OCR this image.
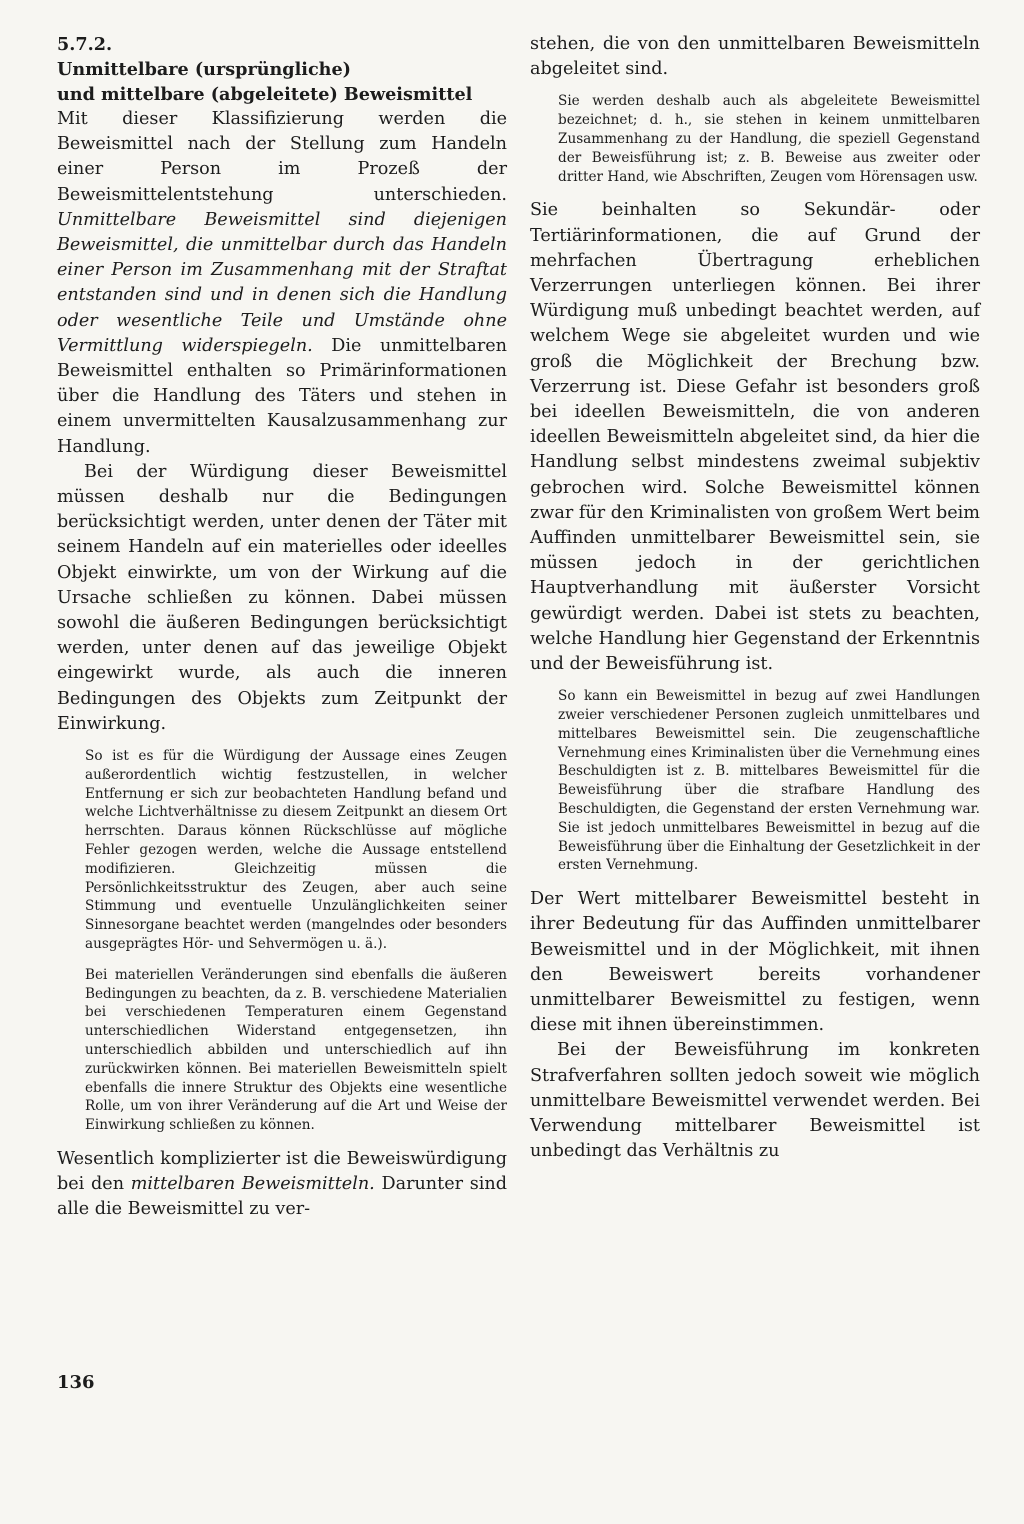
5.7.2.

Unmittelbare (ursprüngliche)

und mittelbare (abgeleitete) Beweismittel

Mit dieser Klassifizierung werden die Beweismittel nach der Stellung zum Handeln einer Person im Prozeß der Beweismittelentstehung unterschieden. Unmittelbare Beweismittel sind diejenigen Beweismittel, die unmittelbar durch das Handeln einer Person im Zusammenhang mit der Straftat entstanden sind und in denen sich die Handlung oder wesentliche Teile und Umstände ohne Vermittlung widerspiegeln. Die unmittelbaren Beweismittel enthalten so Primärinformationen über die Handlung des Täters und stehen in einem unvermittelten Kausalzusammenhang zur Handlung.

Bei der Würdigung dieser Beweismittel müssen deshalb nur die Bedingungen berücksichtigt werden, unter denen der Täter mit seinem Handeln auf ein materielles oder ideelles Objekt einwirkte, um von der Wirkung auf die Ursache schließen zu können. Dabei müssen sowohl die äußeren Bedingungen berücksichtigt werden, unter denen auf das jeweilige Objekt eingewirkt wurde, als auch die inneren Bedingungen des Objekts zum Zeitpunkt der Einwirkung.

So ist es für die Würdigung der Aussage eines Zeugen außerordentlich wichtig festzustellen, in welcher Entfernung er sich zur beobachteten Handlung befand und welche Lichtverhältnisse zu diesem Zeitpunkt an diesem Ort herrschten. Daraus können Rückschlüsse auf mögliche Fehler gezogen werden, welche die Aussage entstellend modifizieren. Gleichzeitig müssen die Persönlichkeitsstruktur des Zeugen, aber auch seine Stimmung und eventuelle Unzulänglichkeiten seiner Sinnesorgane beachtet werden (mangelndes oder besonders ausgeprägtes Hör- und Sehvermögen u. ä.).

Bei materiellen Veränderungen sind ebenfalls die äußeren Bedingungen zu beachten, da z. B. verschiedene Materialien bei verschiedenen Temperaturen einem Gegenstand unterschiedlichen Widerstand entgegensetzen, ihn unterschiedlich abbilden und unterschiedlich auf ihn zurückwirken können. Bei materiellen Beweismitteln spielt ebenfalls die innere Struktur des Objekts eine wesentliche Rolle, um von ihrer Veränderung auf die Art und Weise der Einwirkung schließen zu können.

Wesentlich komplizierter ist die Beweiswürdigung bei den mittelbaren Beweismitteln. Darunter sind alle die Beweismittel zu ver-

stehen, die von den unmittelbaren Beweismitteln abgeleitet sind.

Sie werden deshalb auch als abgeleitete Beweismittel bezeichnet; d. h., sie stehen in keinem unmittelbaren Zusammenhang zu der Handlung, die speziell Gegenstand der Beweisführung ist; z. B. Beweise aus zweiter oder dritter Hand, wie Abschriften, Zeugen vom Hörensagen usw.

Sie beinhalten so Sekundär- oder Tertiärinformationen, die auf Grund der mehrfachen Übertragung erheblichen Verzerrungen unterliegen können. Bei ihrer Würdigung muß unbedingt beachtet werden, auf welchem Wege sie abgeleitet wurden und wie groß die Möglichkeit der Brechung bzw. Verzerrung ist. Diese Gefahr ist besonders groß bei ideellen Beweismitteln, die von anderen ideellen Beweismitteln abgeleitet sind, da hier die Handlung selbst mindestens zweimal subjektiv gebrochen wird. Solche Beweismittel können zwar für den Kriminalisten von großem Wert beim Auffinden unmittelbarer Beweismittel sein, sie müssen jedoch in der gerichtlichen Hauptverhandlung mit äußerster Vorsicht gewürdigt werden. Dabei ist stets zu beachten, welche Handlung hier Gegenstand der Erkenntnis und der Beweisführung ist.

So kann ein Beweismittel in bezug auf zwei Handlungen zweier verschiedener Personen zugleich unmittelbares und mittelbares Beweismittel sein. Die zeugenschaftliche Vernehmung eines Kriminalisten über die Vernehmung eines Beschuldigten ist z. B. mittelbares Beweismittel für die Beweisführung über die strafbare Handlung des Beschuldigten, die Gegenstand der ersten Vernehmung war. Sie ist jedoch unmittelbares Beweismittel in bezug auf die Beweisführung über die Einhaltung der Gesetzlichkeit in der ersten Vernehmung.

Der Wert mittelbarer Beweismittel besteht in ihrer Bedeutung für das Auffinden unmittelbarer Beweismittel und in der Möglichkeit, mit ihnen den Beweiswert bereits vorhandener unmittelbarer Beweismittel zu festigen, wenn diese mit ihnen übereinstimmen.

Bei der Beweisführung im konkreten Strafverfahren sollten jedoch soweit wie möglich unmittelbare Beweismittel verwendet werden. Bei Verwendung mittelbarer Beweismittel ist unbedingt das Verhältnis zu

136
